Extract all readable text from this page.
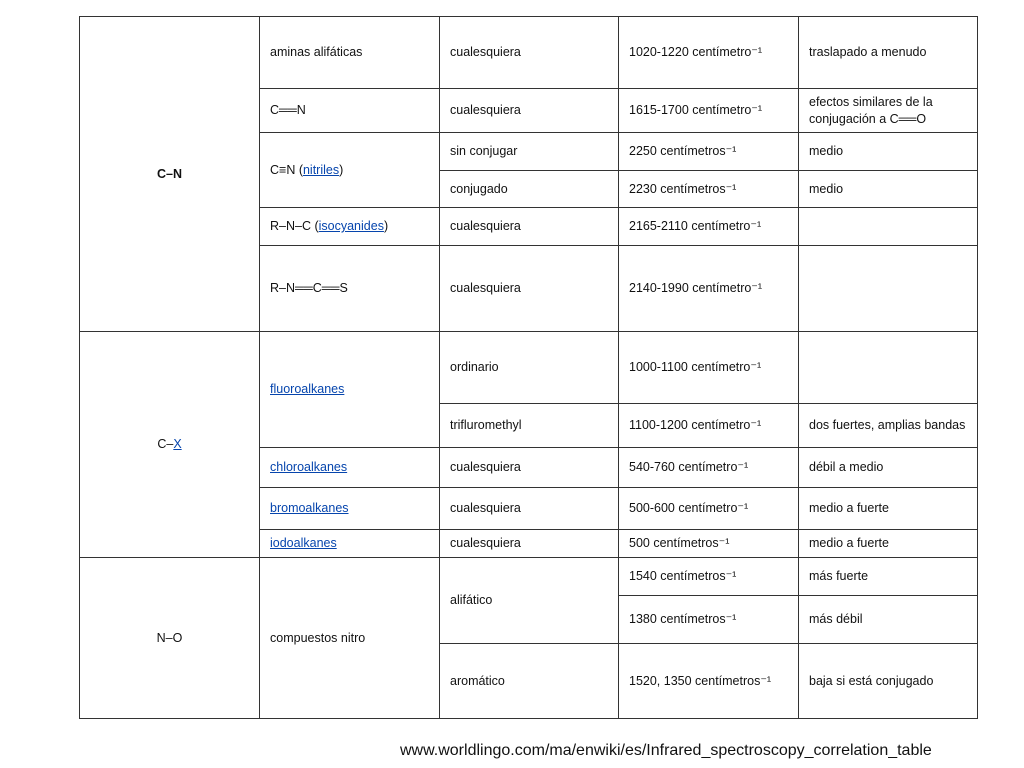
C–N	aminas alifáticas	cualesquiera	1020-1220 centímetro⁻¹	traslapado a menudo
	C══N	cualesquiera	1615-1700 centímetro⁻¹	efectos similares de la conjugación a C══O
	C≡N (nitriles)	sin conjugar	2250 centímetros⁻¹	medio
		conjugado	2230 centímetros⁻¹	medio
	R–N–C (isocyanides)	cualesquiera	2165-2110 centímetro⁻¹	
	R–N══C══S	cualesquiera	2140-1990 centímetro⁻¹	
C–X	fluoroalkanes	ordinario	1000-1100 centímetro⁻¹	
		trifluromethyl	1100-1200 centímetro⁻¹	dos fuertes, amplias bandas
	chloroalkanes	cualesquiera	540-760 centímetro⁻¹	débil a medio
	bromoalkanes	cualesquiera	500-600 centímetro⁻¹	medio a fuerte
	iodoalkanes	cualesquiera	500 centímetros⁻¹	medio a fuerte
N–O	compuestos nitro	alifático	1540 centímetros⁻¹	más fuerte
			1380 centímetros⁻¹	más débil
		aromático	1520, 1350 centímetros⁻¹	baja si está conjugado
www.worldlingo.com/ma/enwiki/es/Infrared_spectroscopy_correlation_table
